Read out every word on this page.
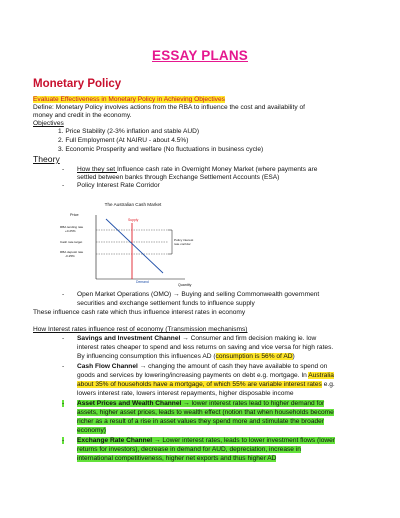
ESSAY PLANS
Monetary Policy
Evaluate Effectiveness in Monetary Policy in Achieving Objectives
Define: Monetary Policy involves actions from the RBA to influence the cost and availability of
money and credit in the economy.
Objectives
1. Price Stability (2-3% inflation and stable AUD)
2. Full Employment (At NAIRU - about 4.5%)
3. Economic Prosperity and welfare (No fluctuations in business cycle)
Theory
- How they set Influence cash rate in Overnight Money Market (where payments are
settled between banks through Exchange Settlement Accounts (ESA)
- Policy Interest Rate Corridor
The Australian Cash Market
Price
Quantity
RBA lending rate
+0.25%
Cash rate target
RBA deposit rate
-0.25%
Policy interest
rate corridor
Supply
Demand
- Open Market Operations (OMO) → Buying and selling Commonwealth government
securities and exchange settlement funds to influence supply
These influence cash rate which thus influence interest rates in economy
How Interest rates influence rest of economy (Transmission mechanisms)
- Savings and Investment Channel → Consumer and firm decision making ie. low
interest rates cheaper to spend and less returns on saving and vice versa for high rates.
By influencing consumption this influences AD (consumption is 56% of AD)
- Cash Flow Channel → changing the amount of cash they have available to spend on
goods and services by lowering/increasing payments on debt e.g. mortgage. In Australia
about 35% of households have a mortgage, of which 55% are variable interest rates e.g.
lowers interest rate, lowers interest repayments, higher disposable income
- Asset Prices and Wealth Channel → lower interest rates lead to higher demand for
assets, higher asset prices, leads to wealth effect (notion that when households become
richer as a result of a rise in asset values they spend more and stimulate the broader
economy)
- Exchange Rate Channel → Lower interest rates, leads to lower investment flows (lower
returns for investors), decrease in demand for AUD, depreciation, increase in
international competitiveness, higher net exports and thus higher AD
